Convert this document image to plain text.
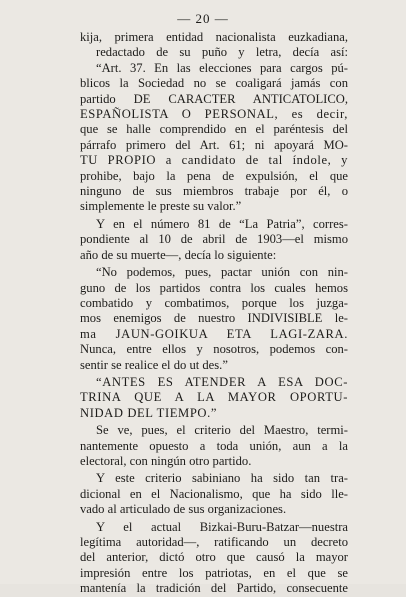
— 20 —
kija, primera entidad nacionalista euzkadiana,
redactado de su puño y letra, decía así:
“Art. 37. En las elecciones para cargos pú-
blicos la Sociedad no se coaligará jamás con
partido DE CARACTER ANTICATOLICO,
ESPAÑOLISTA O PERSONAL, es decir,
que se halle comprendido en el paréntesis del
párrafo primero del Art. 61; ni apoyará MO-
TU PROPIO a candidato de tal índole, y
prohibe, bajo la pena de expulsión, el que
ninguno de sus miembros trabaje por él, o
simplemente le preste su valor.”
Y en el número 81 de “La Patria”, corres-
pondiente al 10 de abril de 1903—el mismo
año de su muerte—, decía lo siguiente:
“No podemos, pues, pactar unión con nin-
guno de los partidos contra los cuales hemos
combatido y combatimos, porque los juzga-
mos enemigos de nuestro INDIVISIBLE le-
ma JAUN-GOIKUA ETA LAGI-ZARA.
Nunca, entre ellos y nosotros, podemos con-
sentir se realice el do ut des.”
“ANTES ES ATENDER A ESA DOC-
TRINA QUE A LA MAYOR OPORTU-
NIDAD DEL TIEMPO.”
Se ve, pues, el criterio del Maestro, termi-
nantemente opuesto a toda unión, aun a la
electoral, con ningún otro partido.
Y este criterio sabiniano ha sido tan tra-
dicional en el Nacionalismo, que ha sido lle-
vado al articulado de sus organizaciones.
Y el actual Bizkai-Buru-Batzar—nuestra
legítima autoridad—, ratificando un decreto
del anterior, dictó otro que causó la mayor
impresión entre los patriotas, en el que se
mantenía la tradición del Partido, consecuente
